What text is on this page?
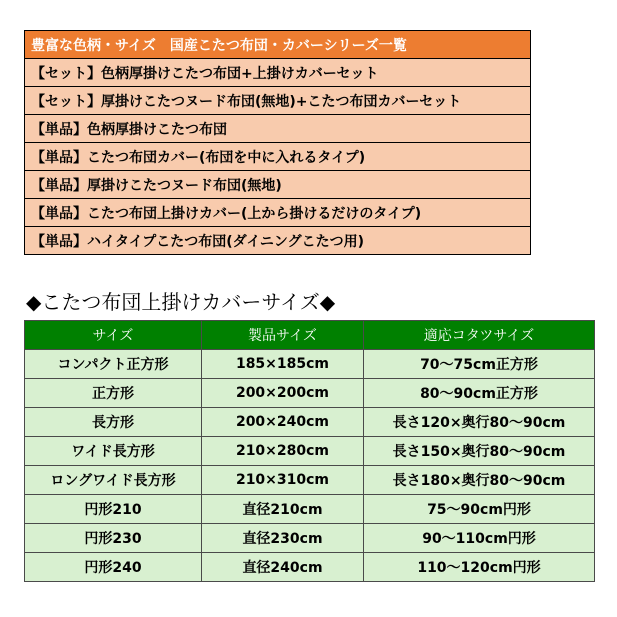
豊富な色柄・サイズ　国産こたつ布団・カバーシリーズ一覧
【セット】色柄厚掛けこたつ布団+上掛けカバーセット
【セット】厚掛けこたつヌード布団(無地)+こたつ布団カバーセット
【単品】色柄厚掛けこたつ布団
【単品】こたつ布団カバー(布団を中に入れるタイプ)
【単品】厚掛けこたつヌード布団(無地)
【単品】こたつ布団上掛けカバー(上から掛けるだけのタイプ)
【単品】ハイタイプこたつ布団(ダイニングこたつ用)
◆こたつ布団上掛けカバーサイズ◆
サイズ	製品サイズ	適応コタツサイズ
コンパクト正方形	185×185cm	70～75cm正方形
正方形	200×200cm	80～90cm正方形
長方形	200×240cm	長さ120×奥行80～90cm
ワイド長方形	210×280cm	長さ150×奥行80～90cm
ロングワイド長方形	210×310cm	長さ180×奥行80～90cm
円形210	直径210cm	75～90cm円形
円形230	直径230cm	90～110cm円形
円形240	直径240cm	110～120cm円形
